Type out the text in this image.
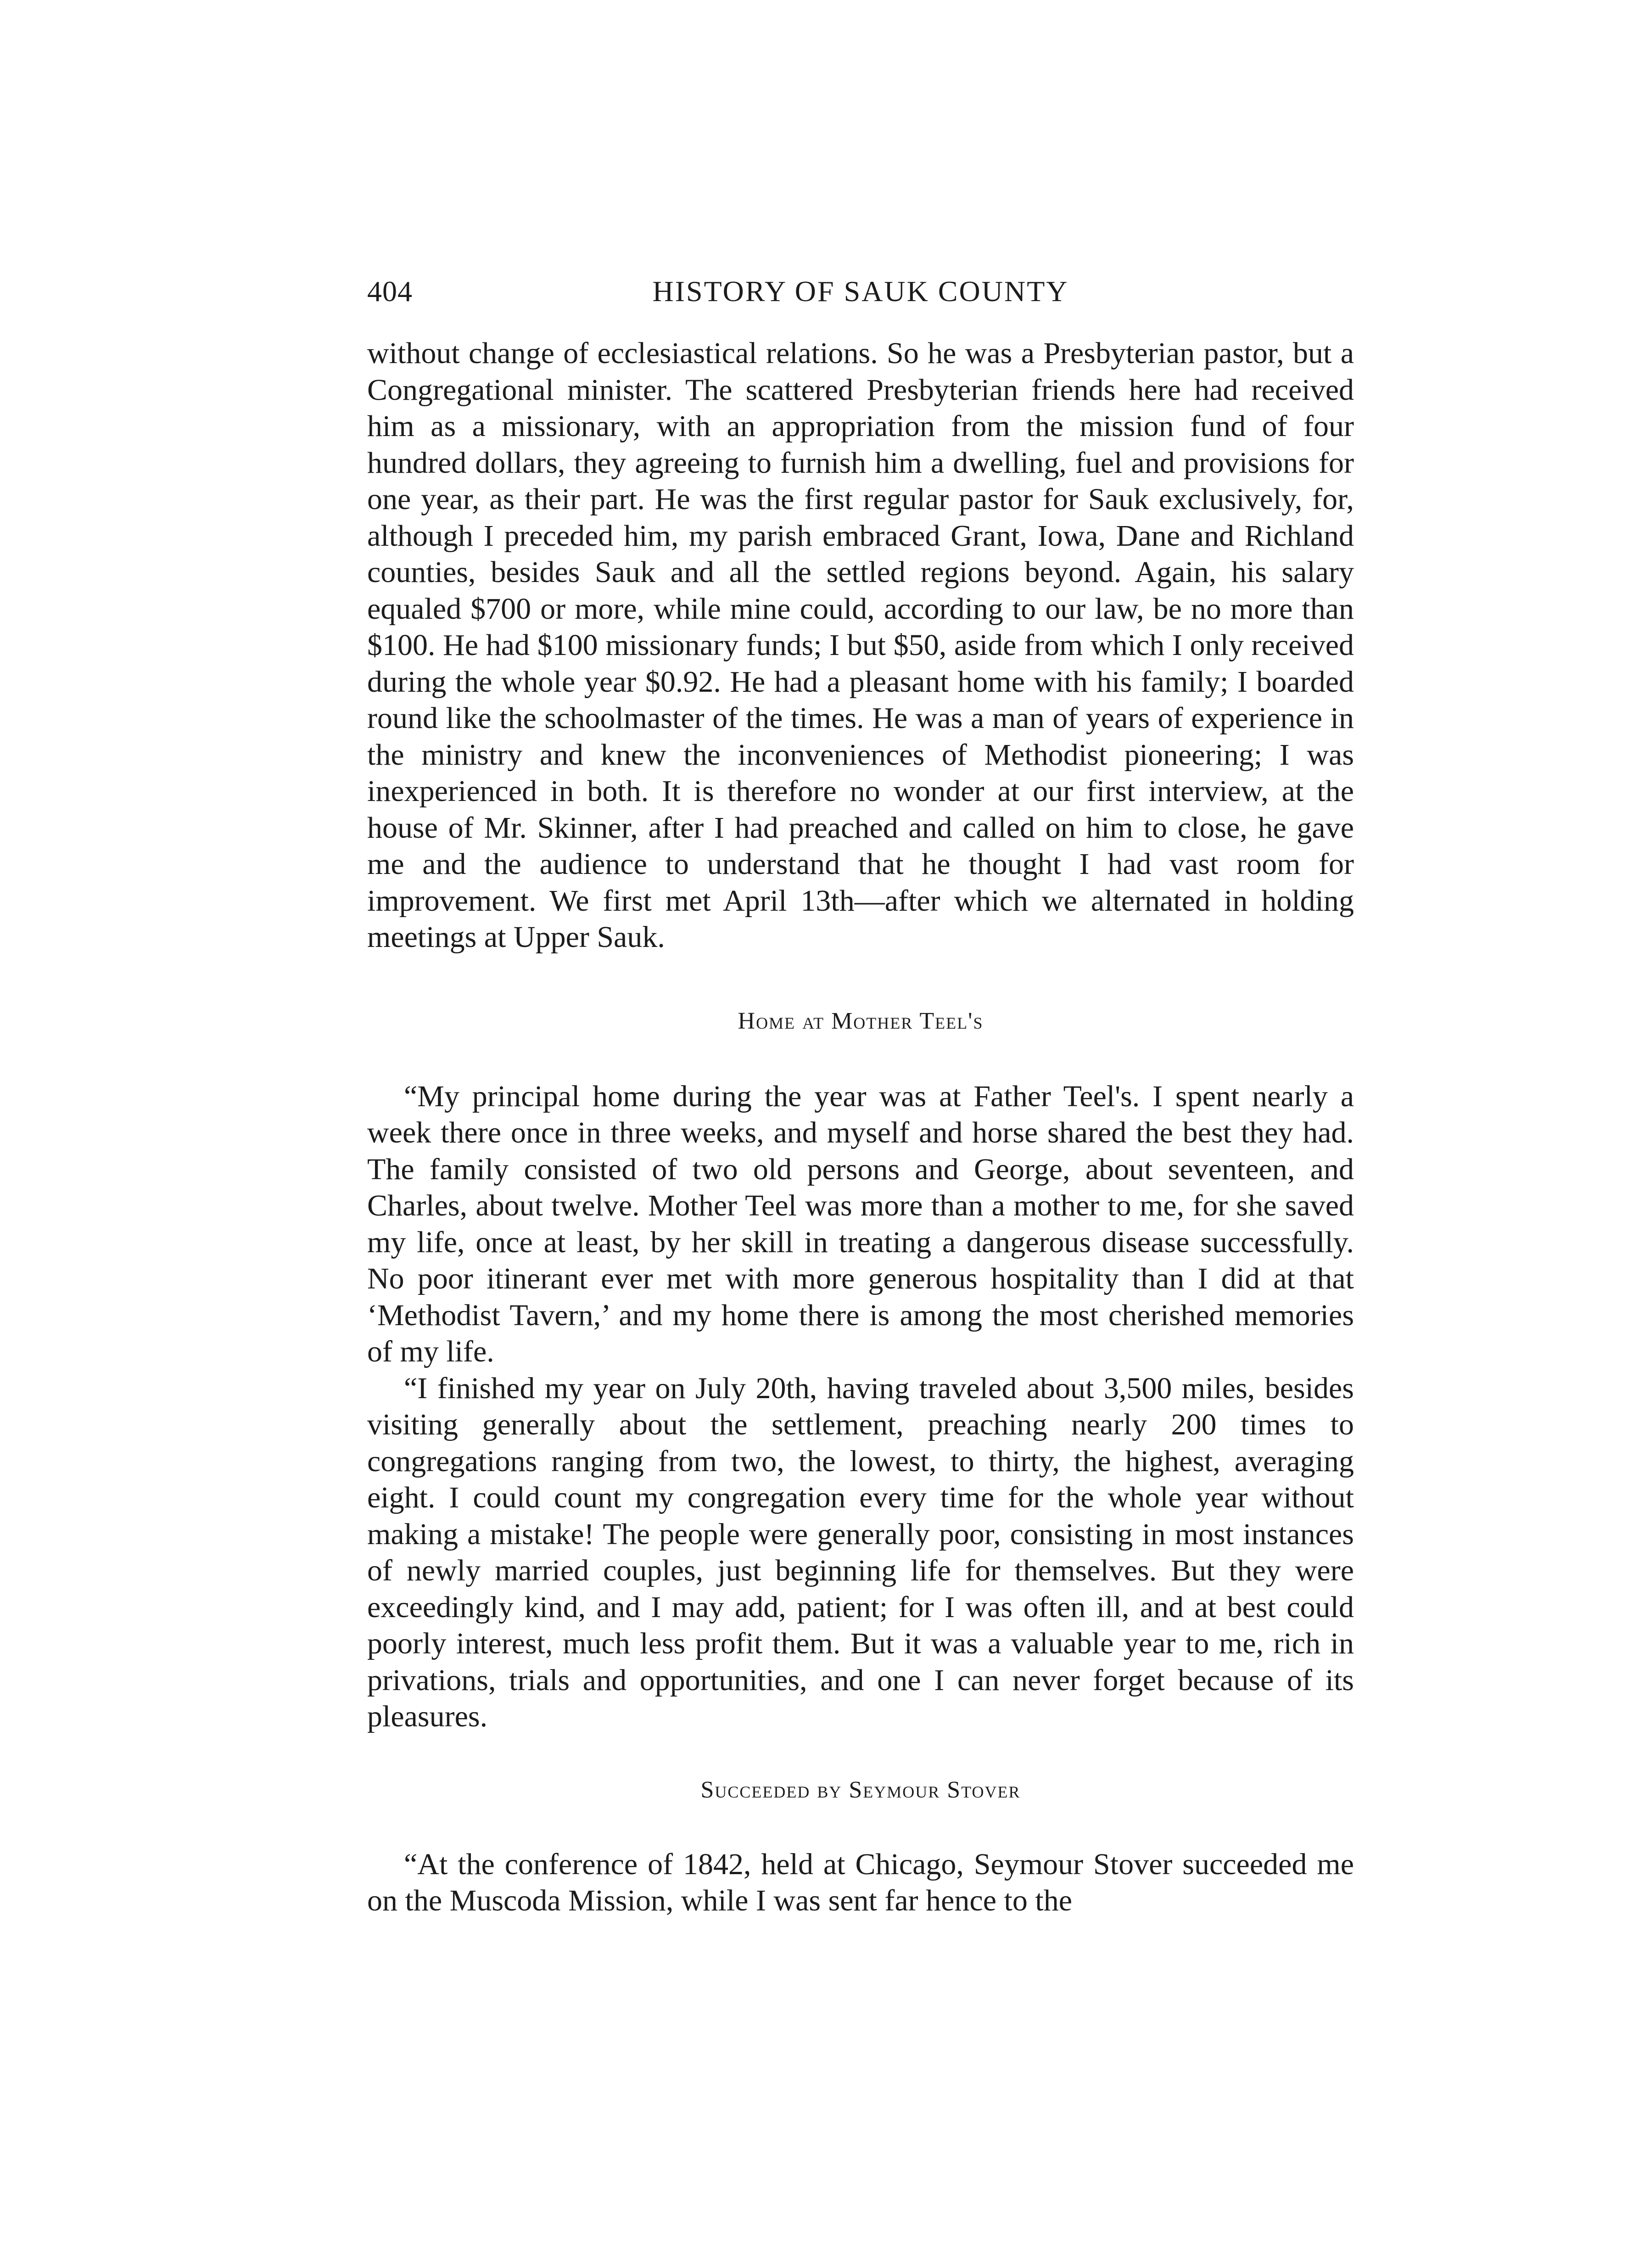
404	HISTORY OF SAUK COUNTY

without change of ecclesiastical relations. So he was a Presbyterian pastor, but a Congregational minister. The scattered Presbyterian friends here had received him as a missionary, with an appropriation from the mission fund of four hundred dollars, they agreeing to furnish him a dwelling, fuel and provisions for one year, as their part. He was the first regular pastor for Sauk exclusively, for, although I preceded him, my parish embraced Grant, Iowa, Dane and Richland counties, besides Sauk and all the settled regions beyond. Again, his salary equaled $700 or more, while mine could, according to our law, be no more than $100. He had $100 missionary funds; I but $50, aside from which I only received during the whole year $0.92. He had a pleasant home with his family; I boarded round like the schoolmaster of the times. He was a man of years of experience in the ministry and knew the inconveniences of Methodist pioneering; I was inexperienced in both. It is therefore no wonder at our first interview, at the house of Mr. Skinner, after I had preached and called on him to close, he gave me and the audience to understand that he thought I had vast room for improvement. We first met April 13th—after which we alternated in holding meetings at Upper Sauk.

Home at Mother Teel's

“My principal home during the year was at Father Teel's. I spent nearly a week there once in three weeks, and myself and horse shared the best they had. The family consisted of two old persons and George, about seventeen, and Charles, about twelve. Mother Teel was more than a mother to me, for she saved my life, once at least, by her skill in treating a dangerous disease successfully. No poor itinerant ever met with more generous hospitality than I did at that ‘Methodist Tavern,’ and my home there is among the most cherished memories of my life.

“I finished my year on July 20th, having traveled about 3,500 miles, besides visiting generally about the settlement, preaching nearly 200 times to congregations ranging from two, the lowest, to thirty, the highest, averaging eight. I could count my congregation every time for the whole year without making a mistake! The people were generally poor, consisting in most instances of newly married couples, just beginning life for themselves. But they were exceedingly kind, and I may add, patient; for I was often ill, and at best could poorly interest, much less profit them. But it was a valuable year to me, rich in privations, trials and opportunities, and one I can never forget because of its pleasures.

Succeeded by Seymour Stover

“At the conference of 1842, held at Chicago, Seymour Stover succeeded me on the Muscoda Mission, while I was sent far hence to the
